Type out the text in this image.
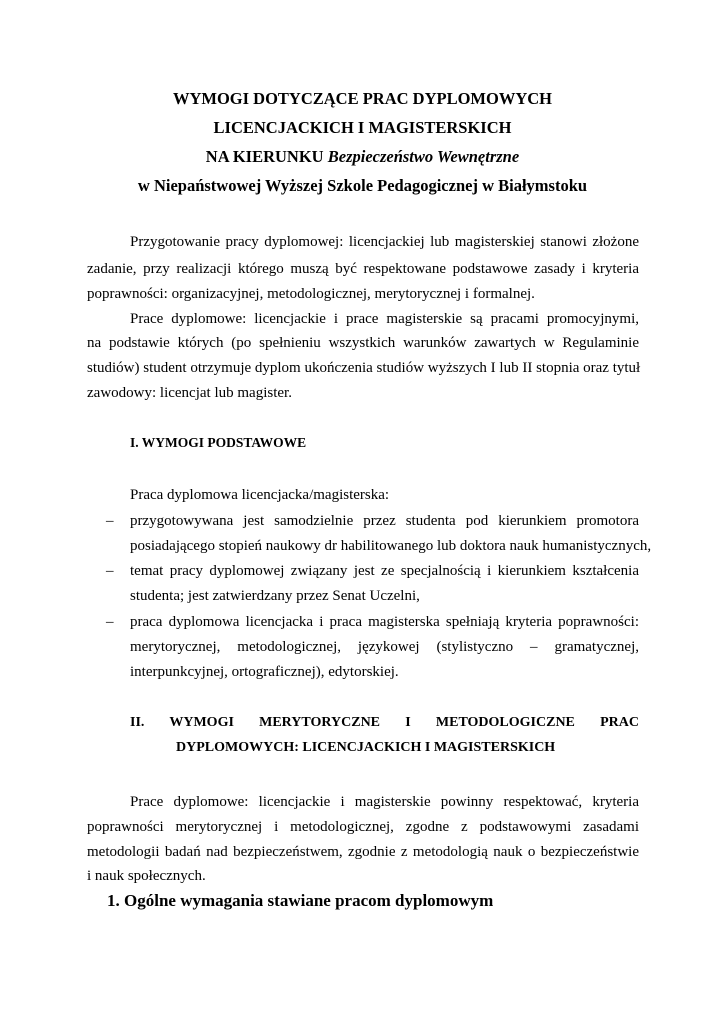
WYMOGI DOTYCZĄCE PRAC DYPLOMOWYCH
LICENCJACKICH I MAGISTERSKICH
NA KIERUNKU Bezpieczeństwo Wewnętrzne
w Niepaństwowej Wyższej Szkole Pedagogicznej w Białymstoku
Przygotowanie pracy dyplomowej: licencjackiej lub magisterskiej stanowi złożone
zadanie, przy realizacji którego muszą być respektowane podstawowe zasady i kryteria
poprawności: organizacyjnej, metodologicznej, merytorycznej i formalnej.
Prace dyplomowe: licencjackie i prace magisterskie są pracami promocyjnymi,
na podstawie których (po spełnieniu wszystkich warunków zawartych w Regulaminie
studiów) student otrzymuje dyplom ukończenia studiów wyższych I lub II stopnia oraz tytuł
zawodowy: licencjat lub magister.
I. WYMOGI PODSTAWOWE
Praca dyplomowa licencjacka/magisterska:
– przygotowywana jest samodzielnie przez studenta pod kierunkiem promotora
posiadającego stopień naukowy dr habilitowanego lub doktora nauk humanistycznych,
– temat pracy dyplomowej związany jest ze specjalnością i kierunkiem kształcenia
studenta; jest zatwierdzany przez Senat Uczelni,
– praca dyplomowa licencjacka i praca magisterska spełniają kryteria poprawności:
merytorycznej, metodologicznej, językowej (stylistyczno – gramatycznej,
interpunkcyjnej, ortograficznej), edytorskiej.
II. WYMOGI MERYTORYCZNE I METODOLOGICZNE PRAC
DYPLOMOWYCH: LICENCJACKICH I MAGISTERSKICH
Prace dyplomowe: licencjackie i magisterskie powinny respektować, kryteria
poprawności merytorycznej i metodologicznej, zgodne z podstawowymi zasadami
metodologii badań nad bezpieczeństwem, zgodnie z metodologią nauk o bezpieczeństwie
i nauk społecznych.
1. Ogólne wymagania stawiane pracom dyplomowym
